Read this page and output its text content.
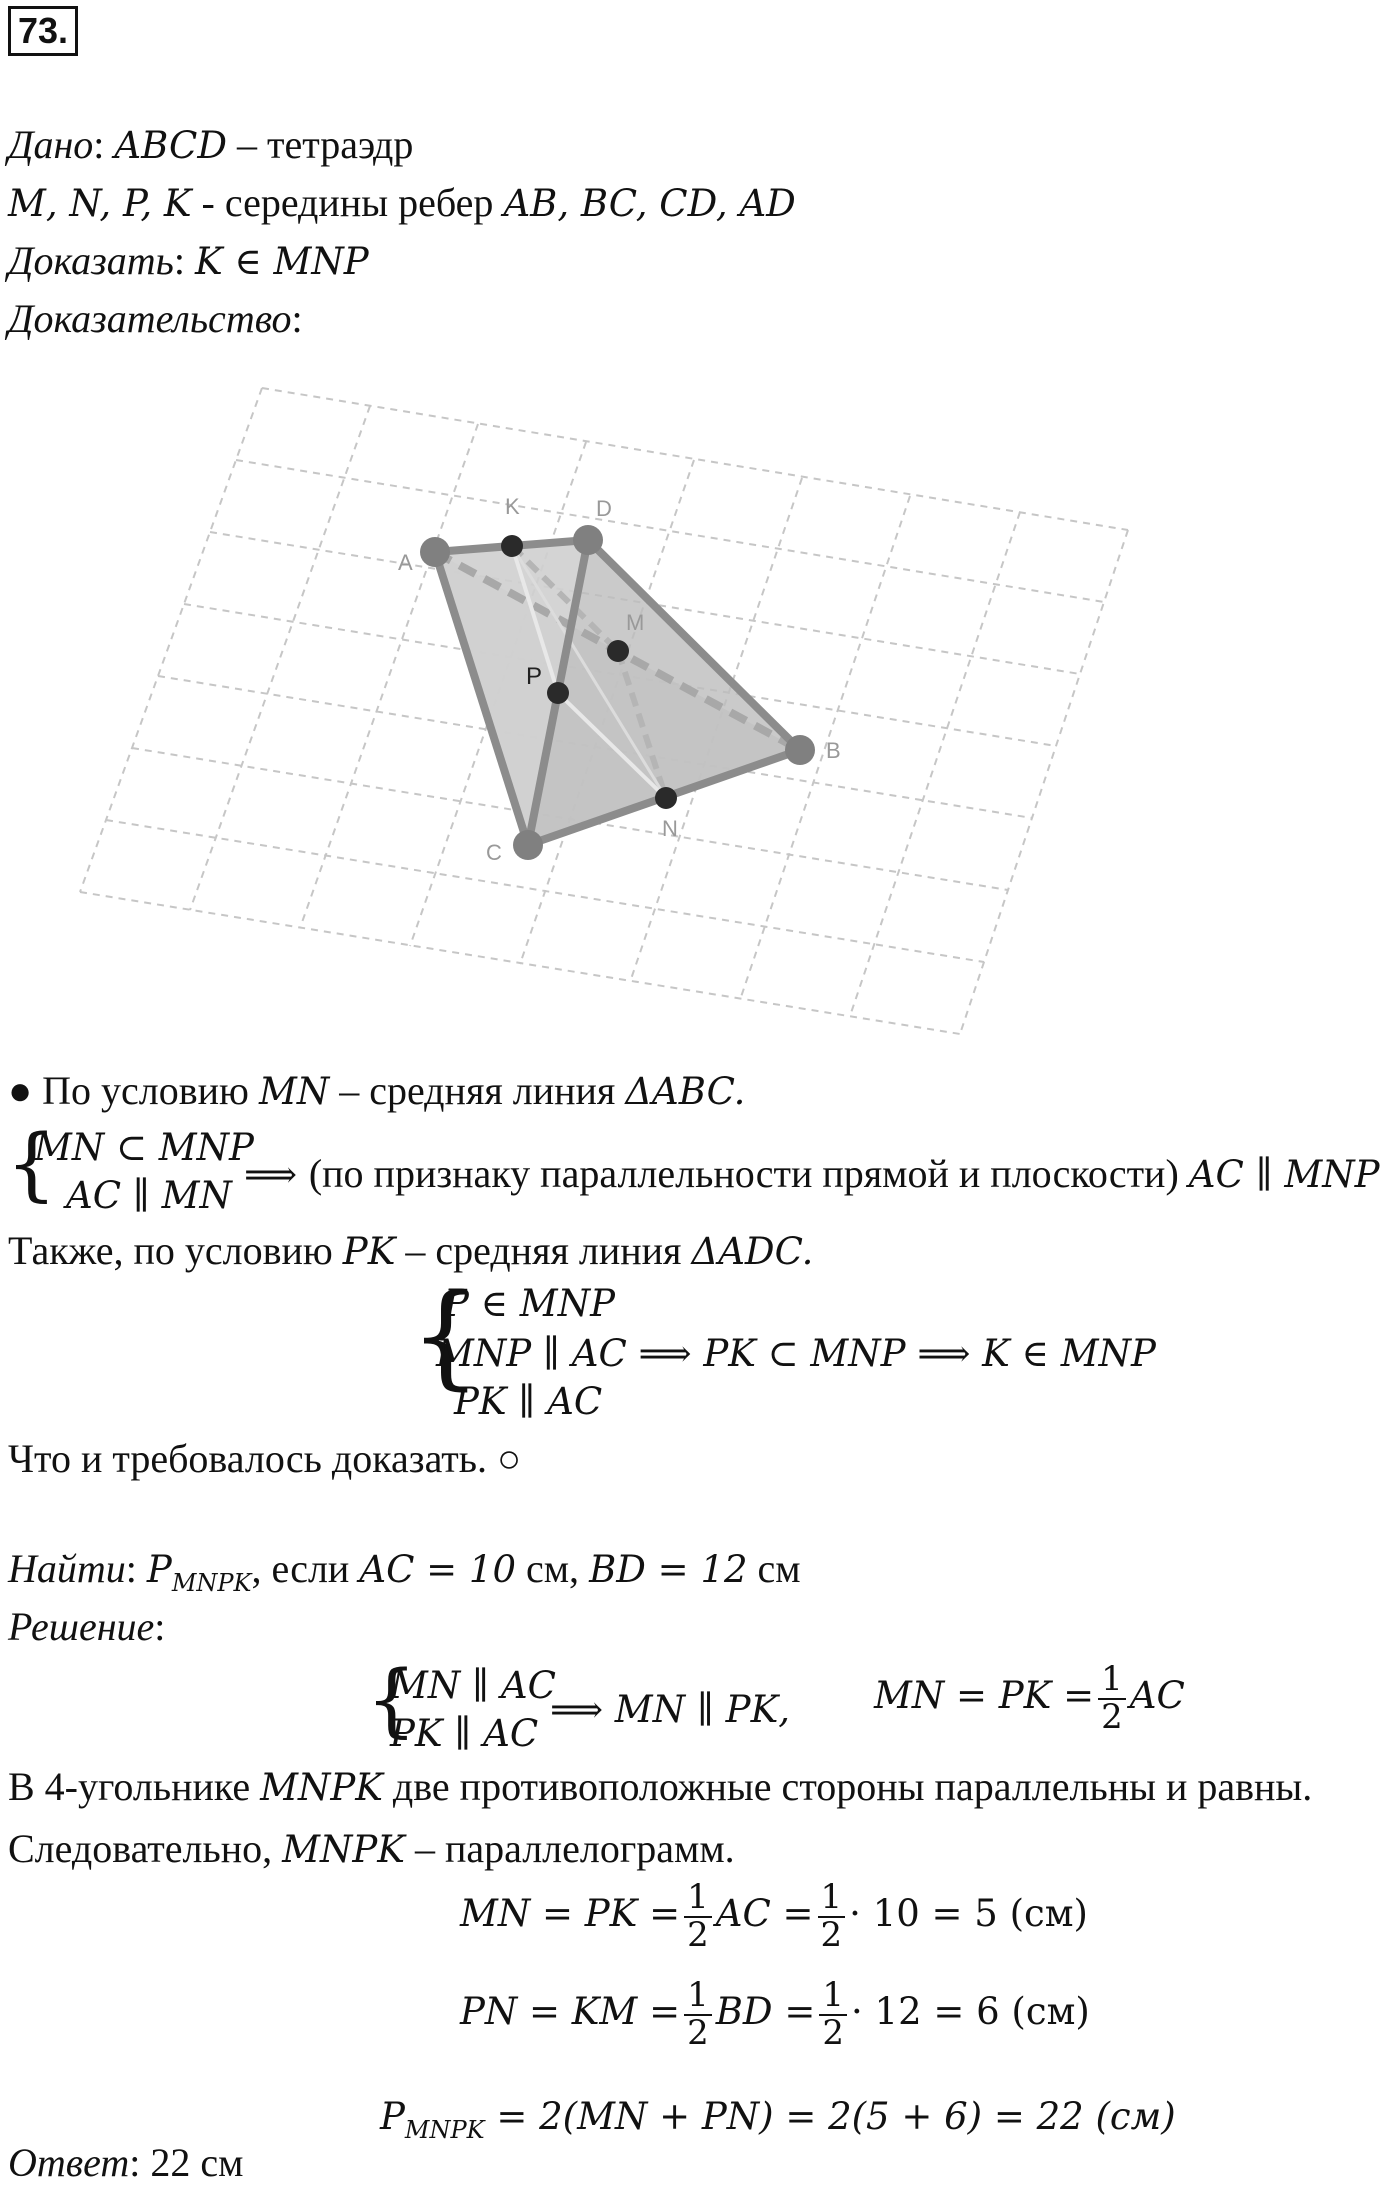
73.
Дано: ABCD – тетраэдр
M, N, P, K - середины ребер AB, BC, CD, AD
Доказать: K ∈ MNP
Доказательство:
A
K	D
M
B
N
C
P
● По условию MN – средняя линия ΔABC.
{
MN ⊂ MNP
AC ∥ MN ⟹ (по признаку параллельности прямой и плоскости) AC ∥ MNP
Также, по условию PK – средняя линия ΔADC.
{
P ∈ MNP
MNP ∥ AC ⟹ PK ⊂ MNP ⟹ K ∈ MNP
PK ∥ AC
Что и требовалось доказать. ○
Найти: $P_{MNPK}$, если AC = 10 см, BD = 12 см
Решение:
{
MN ∥ AC
PK ∥ AC
⟹ MN ∥ PK, MN = PK = $\frac{1}{2}$ AC
В 4-угольнике MNPK две противоположные стороны параллельны и равны.
Следовательно, MNPK – параллелограмм.
MN = PK = $\frac{1}{2}$ AC = $\frac{1}{2} \cdot 10 = 5$ (см)
PN = KM = $\frac{1}{2}$ BD = $\frac{1}{2} \cdot 12 = 6$ (см)
$P_{MNPK} = 2(MN + PN) = 2(5 + 6) = 22$ (см)
Ответ: 22 см
